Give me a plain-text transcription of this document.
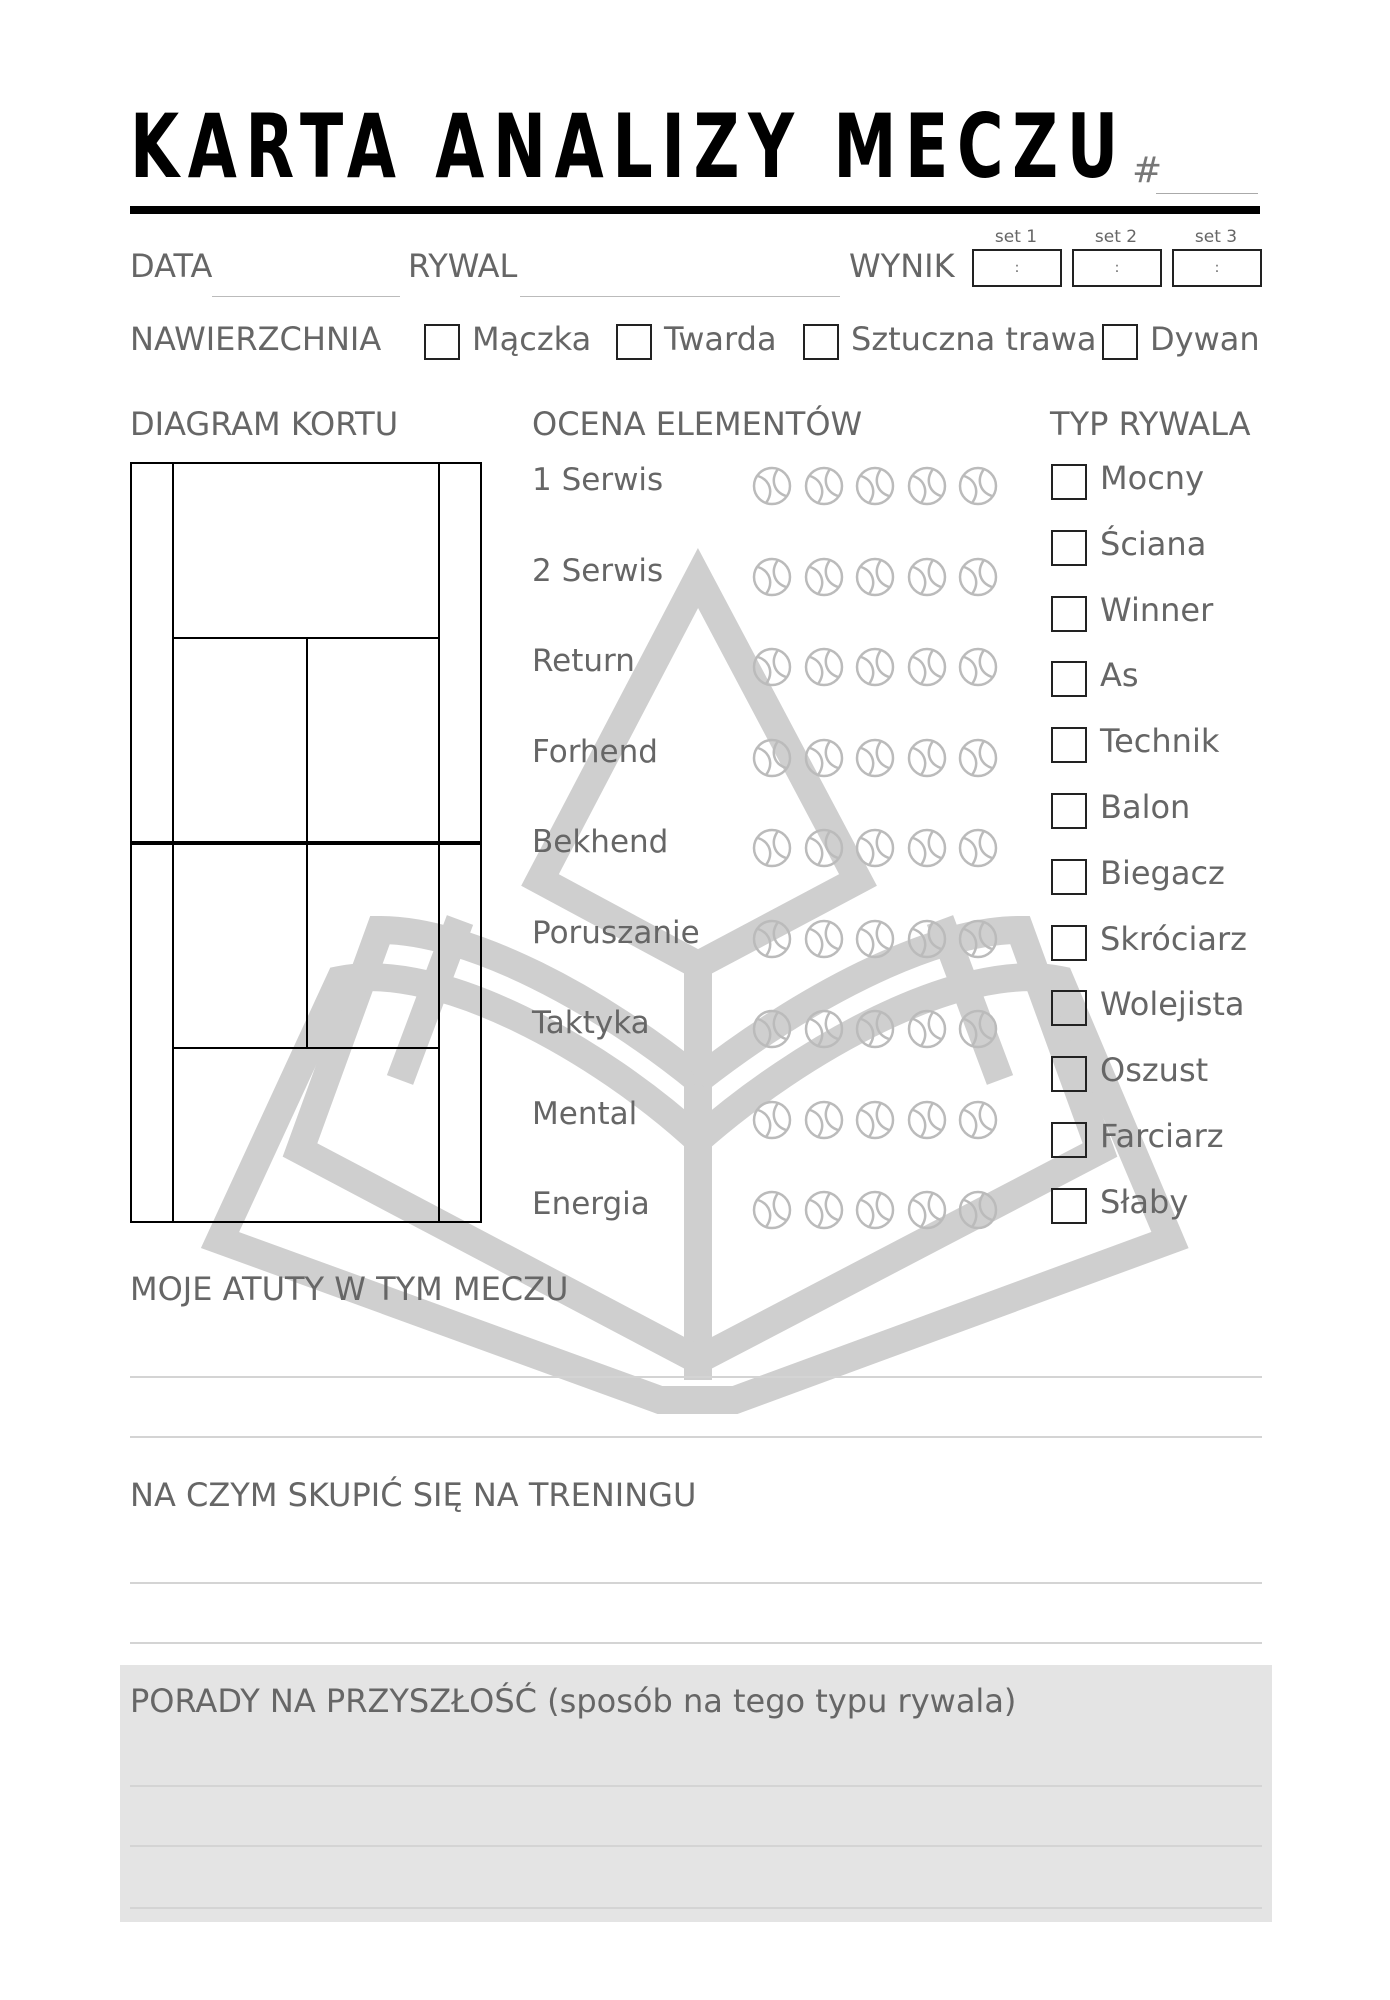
KARTA ANALIZY MECZU #
DATA	RYWAL	WYNIK
set 1
:
set 2
:
set 3
:
NAWIERZCHNIA	Mączka Twarda Sztuczna trawa Dywan
DIAGRAM KORTU	OCENA ELEMENTÓW	TYP RYWALA
1 Serwis
2 Serwis
Return
Forhend
Bekhend
Poruszanie
Taktyka
Mental
Energia
Mocny
Ściana
Winner
As
Technik
Balon
Biegacz
Skróciarz
Wolejista
Oszust
Farciarz
Słaby
MOJE ATUTY W TYM MECZU
NA CZYM SKUPIĆ SIĘ NA TRENINGU
PORADY NA PRZYSZŁOŚĆ (sposób na tego typu rywala)
